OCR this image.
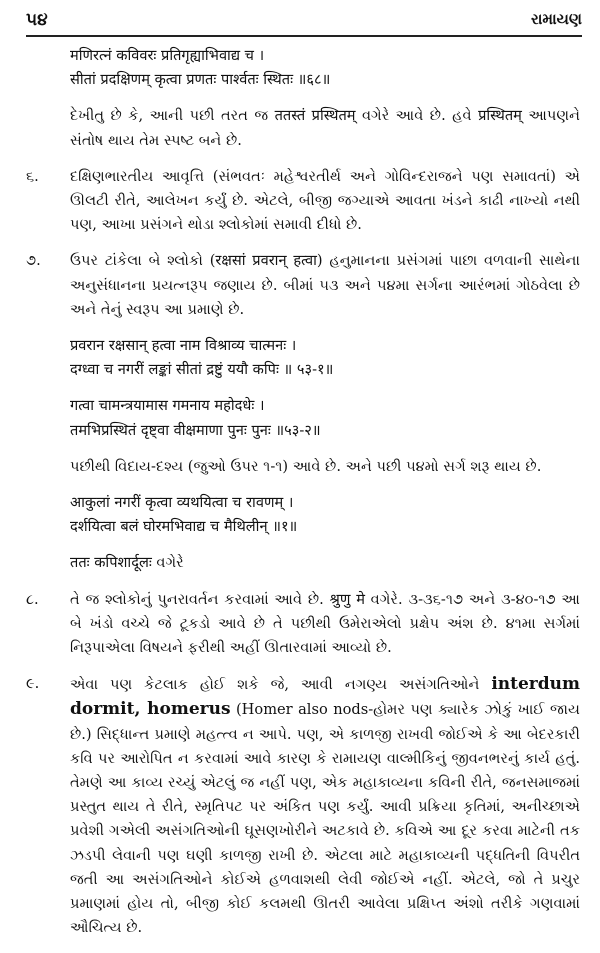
૫૪	રામાયણ
मणिरत्नं कविवरः प्रतिगृह्याभिवाद्य च ।
सीतां प्रदक्षिणम् कृत्वा प्रणतः पार्श्वतः स्थितः ॥६८॥
દેખીતુ છે કે, આની પછી તરત જ ततस्तं प्रस्थितम् વગેરે આવે છે. હવે प्रस्थितम् આપણને સંતોષ થાય તેમ સ્પષ્ટ બને છે.
૬. દક્ષિણભારતીય આવૃત્તિ (સંભવતઃ મહેશ્વરતીર્થ અને ગોવિન્દરાજને પણ સમાવતાં) એ ઊલટી રીતે, આલેખન કર્યું છે. એટલે, બીજી જગ્યાએ આવતા ખંડને કાઢી નાખ્યો નથી પણ, આખા પ્રસંગને થોડા શ્લોકોમાં સમાવી દીધો છે.
૭. ઉપર ટાંકેલા બે શ્લોકો (रक्षसां प्रवरान् हत्वा) હનુમાનના પ્રસંગમાં પાછા વળવાની સાથેના અનુસંધાનના પ્રયત્નરૂપ જણાય છે. બીમાં ૫૩ અને ૫૪મા સર્ગના આરંભમાં ગોઠવેલા છે અને તેનું સ્વરૂપ આ પ્રમાણે છે.
प्रवरान रक्षसान् हत्वा नाम विश्राव्य चात्मनः ।
दग्ध्वा च नगरीं लङ्कां सीतां द्रष्टुं ययौ कपिः ॥ ५३-१॥
गत्वा चामन्त्रयामास गमनाय महोदधेः ।
तमभिप्रस्थितं दृष्ट्वा वीक्षमाणा पुनः पुनः ॥५३-२॥
પછીથી વિદાય-દશ્ય (જુઓ ઉપર ૧-૧) આવે છે. અને પછી ૫૪મો સર્ગ શરૂ થાય છે.
आकुलां नगरीं कृत्वा व्यथयित्वा च रावणम् ।
दर्शयित्वा बलं घोरमभिवाद्य च मैथिलीन् ॥१॥
ततः कपिशार्दूलः વગેરે
૮. તે જ શ્લોકોનું પુનરાવર્તન કરવામાં આવે છે. श्रुणु मे વગેરે. ૩-૩૬-૧૭ અને ૩-૪૦-૧૭ આ બે ખંડો વચ્ચે જે ટૂકડો આવે છે તે પછીથી ઉમેરાએલો પ્રક્ષેપ અંશ છે. ૪૧મા સર્ગમાં નિરૂપાએલા વિષયને ફરીથી અહીં ઊતારવામાં આવ્યો છે.
૯. એવા પણ કેટલાક હોઈ શકે જે, આવી નગણ્ય અસંગતિઓને interdum dormit, homerus (Homer also nods-હોમર પણ ક્યારેક ઝોકું ખાઈ જાય છે.) સિદ્ધાન્ત પ્રમાણે મહત્ત્વ ન આપે. પણ, એ કાળજી રાખવી જોઈએ કે આ બેદરકારી કવિ પર આરોપિત ન કરવામાં આવે કારણ કે રામાયણ વાલ્મીકિનું જીવનભરનું કાર્ય હતું. તેમણે આ કાવ્ય રચ્યું એટલું જ નહીં પણ, એક મહાકાવ્યના કવિની રીતે, જનસમાજમાં પ્રસ્તુત થાય તે રીતે, સ્મૃતિપટ પર અંકિત પણ કર્યું. આવી પ્રક્રિયા કૃતિમાં, અનીચ્છાએ પ્રવેશી ગએલી અસંગતિઓની ઘૂસણખોરીને અટકાવે છે. કવિએ આ દૂર કરવા માટેની તક ઝડપી લેવાની પણ ઘણી કાળજી રાખી છે. એટલા માટે મહાકાવ્યની પદ્ધતિની વિપરીત જતી આ અસંગતિઓને કોઈએ હળવાશથી લેવી જોઈએ નહીં. એટલે, જો તે પ્રચુર પ્રમાણમાં હોય તો, બીજી કોઈ કલમથી ઊતરી આવેલા પ્રક્ષિપ્ત અંશો તરીકે ગણવામાં ઔચિત્ય છે.
